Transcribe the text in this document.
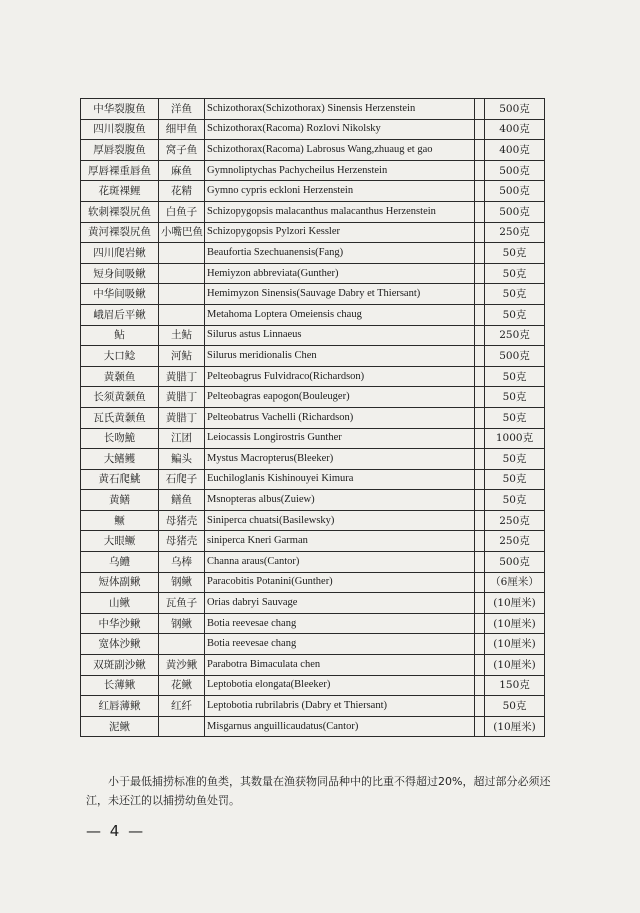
中华裂腹鱼	洋鱼	Schizothorax(Schizothorax) Sinensis Herzenstein		500克
四川裂腹鱼	细甲鱼	Schizothorax(Racoma) Rozlovi Nikolsky		400克
厚唇裂腹鱼	窝子鱼	Schizothorax(Racoma) Labrosus Wang,zhuaug et gao		400克
厚唇裸重唇鱼	麻鱼	Gymnoliptychas Pachycheilus Herzenstein		500克
花斑裸鲤	花精	Gymno cypris eckloni Herzenstein		500克
软刺裸裂尻鱼	白鱼子	Schizopygopsis malacanthus malacanthus Herzenstein		500克
黄河裸裂尻鱼	小嘴巴鱼	Schizopygopsis Pylzori Kessler		250克
四川爬岩鳅		Beaufortia Szechuanensis(Fang)		50克
短身间吸鳅		Hemiyzon abbreviata(Gunther)		50克
中华间吸鳅		Hemimyzon Sinensis(Sauvage Dabry et Thiersant)		50克
峨眉后平鳅		Metahoma Loptera Omeiensis chaug		50克
鲇	土鲇	Silurus astus Linnaeus		250克
大口鲶	河鲇	Silurus meridionalis Chen		500克
黄颡鱼	黄腊丁	Pelteobagrus Fulvidraco(Richardson)		50克
长须黄颡鱼	黄腊丁	Pelteobagras eapogon(Bouleuger)		50克
瓦氏黄颡鱼	黄腊丁	Pelteobatrus Vachelli (Richardson)		50克
长吻鮠	江团	Leiocassis Longirostris Gunther		1000克
大鳍鳠	鳊头	Mystus Macropterus(Bleeker)		50克
黄石爬鮡	石爬子	Euchiloglanis Kishinouyei Kimura		50克
黄鳝	鳝鱼	Msnopteras albus(Zuiew)		50克
鳜	母猪壳	Siniperca chuatsi(Basilewsky)		250克
大眼鳜	母猪壳	siniperca Kneri Garman		250克
乌鳢	乌棒	Channa araus(Cantor)		500克
短体副鳅	钢鳅	Paracobitis Potanini(Gunther)		（6厘米）
山鳅	瓦鱼子	Orias dabryi Sauvage		(10厘米)
中华沙鳅	钢鳅	Botia reevesae chang		(10厘米)
宽体沙鳅		Botia reevesae chang		(10厘米)
双斑副沙鳅	黄沙鳅	Parabotra Bimaculata chen		(10厘米)
长薄鳅	花鳅	Leptobotia elongata(Bleeker)		150克
红唇薄鳅	红纤	Leptobotia rubrilabris (Dabry et Thiersant)		50克
泥鳅		Misgarnus anguillicaudatus(Cantor)		(10厘米)
小于最低捕捞标准的鱼类，其数量在渔获物同品种中的比重不得超过20%，超过部分必须还江，未还江的以捕捞幼鱼处罚。
— 4 —
